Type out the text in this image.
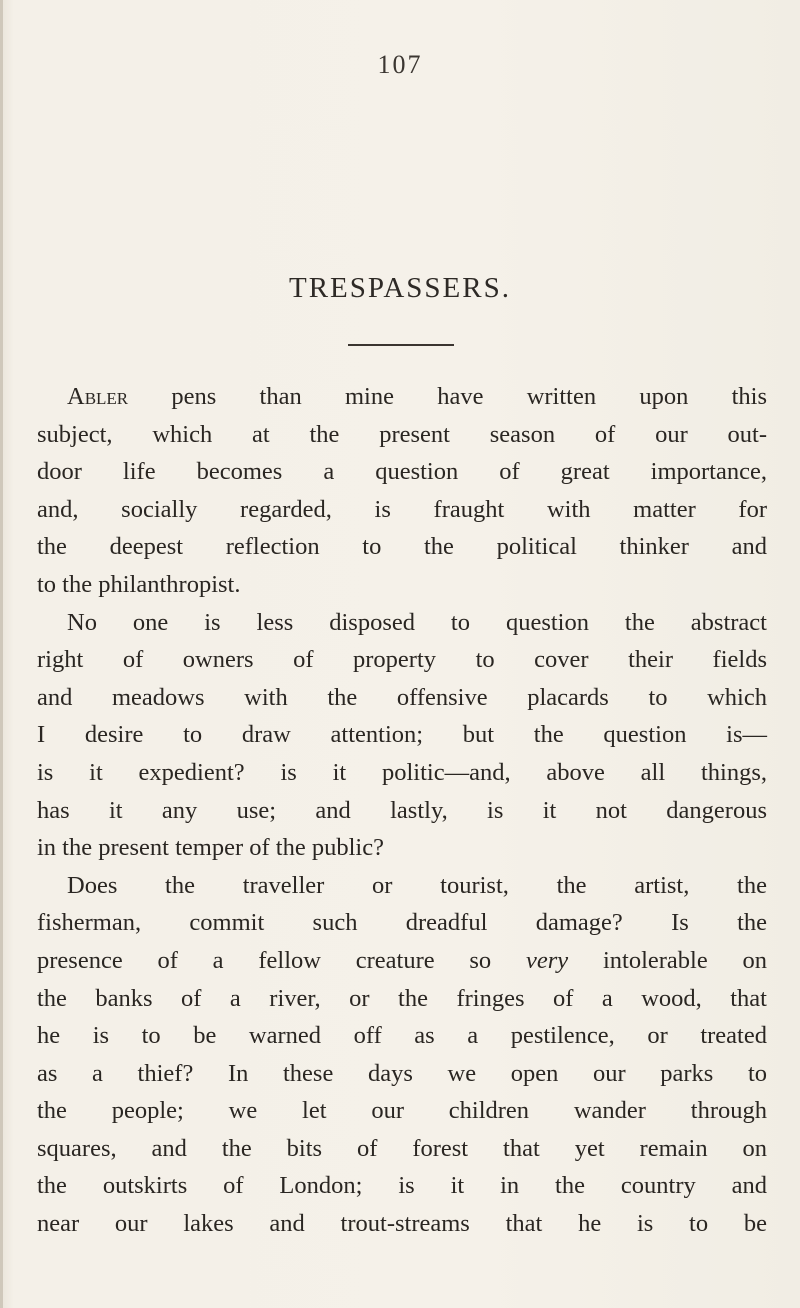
107
TRESPASSERS.
Abler pens than mine have written upon this
subject, which at the present season of our out-
door life becomes a question of great importance,
and, socially regarded, is fraught with matter for
the deepest reflection to the political thinker and
to the philanthropist.
No one is less disposed to question the abstract
right of owners of property to cover their fields
and meadows with the offensive placards to which
I desire to draw attention; but the question is—
is it expedient? is it politic—and, above all things,
has it any use; and lastly, is it not dangerous
in the present temper of the public?
Does the traveller or tourist, the artist, the
fisherman, commit such dreadful damage? Is the
presence of a fellow creature so very intolerable on
the banks of a river, or the fringes of a wood, that
he is to be warned off as a pestilence, or treated
as a thief? In these days we open our parks to
the people; we let our children wander through
squares, and the bits of forest that yet remain on
the outskirts of London; is it in the country and
near our lakes and trout-streams that he is to be
